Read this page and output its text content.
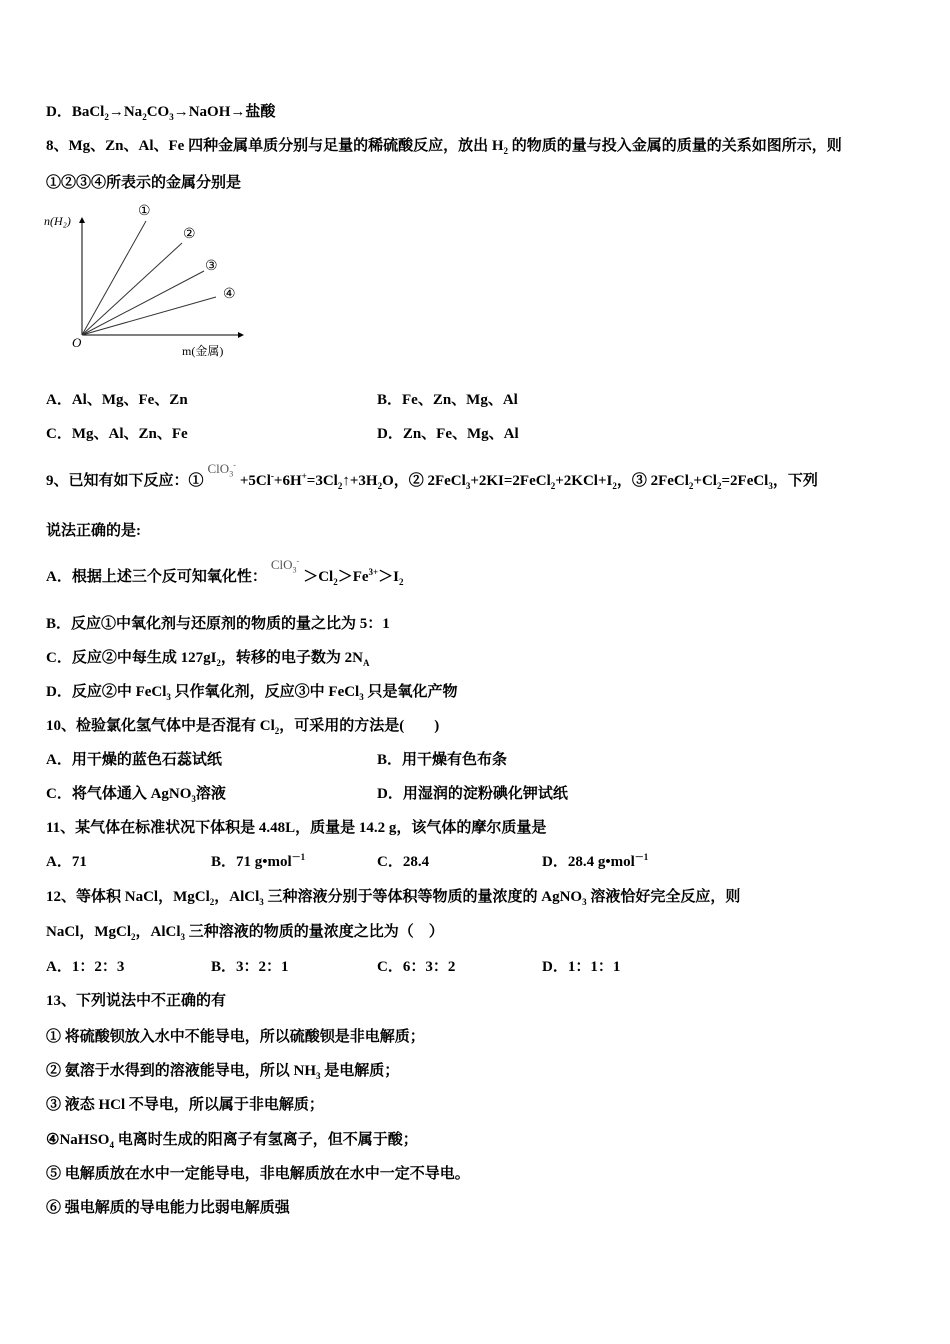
n(H₂)
O
m(金属)
①
②
③
④
D．$BaCl_2\to Na_2CO_3\to NaOH\to$盐酸
8、Mg、Zn、Al、Fe 四种金属单质分别与足量的稀硫酸反应，放出 $H_2$ 的物质的量与投入金属的质量的关系如图所示，则
①②③④所表示的金属分别是
A．Al、Mg、Fe、Zn	B．Fe、Zn、Mg、Al
C．Mg、Al、Zn、Fe	D．Zn、Fe、Mg、Al
9、已知有如下反应：$①ClO_3^-+5Cl^-+6H^+=3Cl_2↑+3H_2O$，② $2FeCl_3+2KI=2FeCl_2+2KCl+I_2$，③ $2FeCl_2+Cl_2=2FeCl_3$，下列
说法正确的是:
A．根据上述三个反可知氧化性：$ClO_3^->Cl_2>Fe^{3+}>I_2$
B．反应①中氧化剂与还原剂的物质的量之比为 5：1
C．反应②中每生成 $127gI_2$，转移的电子数为 $2N_A$
D．反应②中 FeCl$_3$ 只作氧化剂，反应③中 FeCl$_3$ 只是氧化产物
10、检验氯化氢气体中是否混有 $Cl_2$，可采用的方法是(　　)
A．用干燥的蓝色石蕊试纸	B．用干燥有色布条
C．将气体通入 AgNO$_3$溶液	D．用湿润的淀粉碘化钾试纸
11、某气体在标准状况下体积是 4.48L，质量是 14.2 g，该气体的摩尔质量是
A．71	B．71 g•mol$^{-1}$	C．28.4	D．28.4 g•mol$^{-1}$
12、等体积 NaCl，MgCl$_2$，AlCl$_3$ 三种溶液分别于等体积等物质的量浓度的 AgNO$_3$ 溶液恰好完全反应，则
NaCl，MgCl$_2$，AlCl$_3$ 三种溶液的物质的量浓度之比为（　）
A．1：2：3	B．3：2：1	C．6：3：2	D．1：1：1
13、下列说法中不正确的有
① 将硫酸钡放入水中不能导电，所以硫酸钡是非电解质；
② 氨溶于水得到的溶液能导电，所以 $NH_3$ 是电解质；
③ 液态 HCl 不导电，所以属于非电解质；
④NaHSO$_4$ 电离时生成的阳离子有氢离子，但不属于酸；
⑤ 电解质放在水中一定能导电，非电解质放在水中一定不导电。
⑥ 强电解质的导电能力比弱电解质强
